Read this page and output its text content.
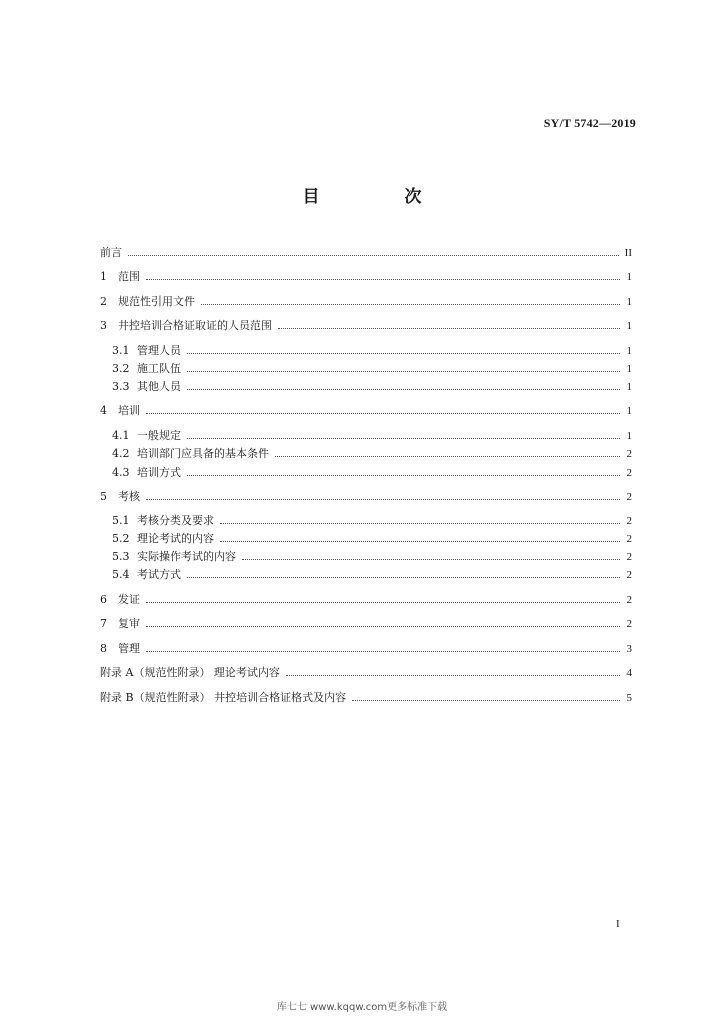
SY/T 5742—2019
目　次
前言	II
1	范围	1
2	规范性引用文件	1
3	井控培训合格证取证的人员范围	1
3.1 管理人员	1
3.2 施工队伍	1
3.3 其他人员	1
4	培训	1
4.1 一般规定	1
4.2 培训部门应具备的基本条件	2
4.3 培训方式	2
5	考核	2
5.1 考核分类及要求	2
5.2 理论考试的内容	2
5.3 实际操作考试的内容	2
5.4 考试方式	2
6	发证	2
7	复审	2
8	管理	3
附录 A（规范性附录） 理论考试内容	4
附录 B（规范性附录） 井控培训合格证格式及内容	5
I
库七七 www.kqqw.com更多标准下载
